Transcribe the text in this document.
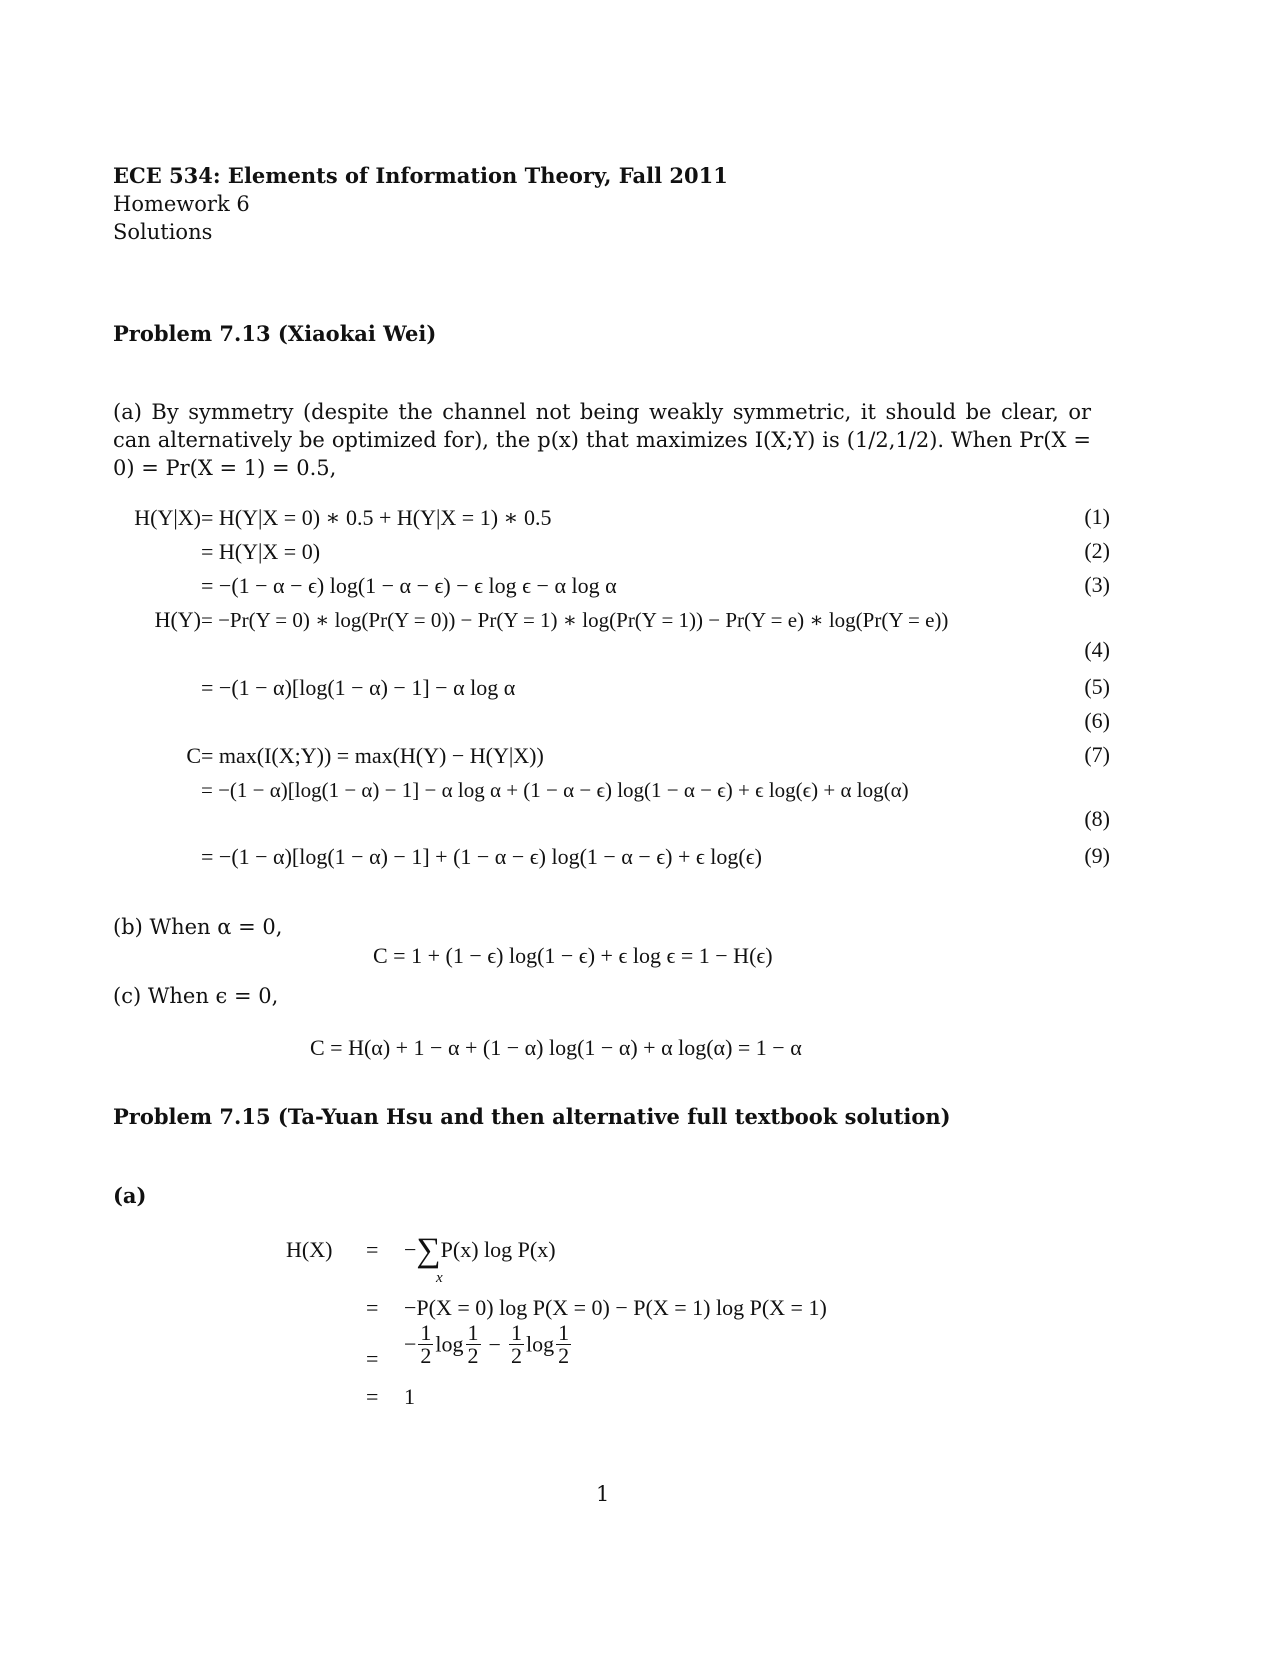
ECE 534: Elements of Information Theory, Fall 2011
Homework 6
Solutions
Problem 7.13 (Xiaokai Wei)
(a) By symmetry (despite the channel not being weakly symmetric, it should be clear, or can alternatively be optimized for), the p(x) that maximizes I(X;Y) is (1/2,1/2). When Pr(X = 0) = Pr(X = 1) = 0.5,
H(Y|X) = H(Y|X = 0) ∗ 0.5 + H(Y|X = 1) ∗ 0.5	(1)
= H(Y|X = 0)	(2)
= −(1 − α − ϵ) log(1 − α − ϵ) − ϵ log ϵ − α log α	(3)
H(Y) = −Pr(Y = 0) ∗ log(Pr(Y = 0)) − Pr(Y = 1) ∗ log(Pr(Y = 1)) − Pr(Y = e) ∗ log(Pr(Y = e))
(4)
= −(1 − α)[log(1 − α) − 1] − α log α	(5)
(6)
C = max(I(X;Y)) = max(H(Y) − H(Y|X))	(7)
= −(1 − α)[log(1 − α) − 1] − α log α + (1 − α − ϵ) log(1 − α − ϵ) + ϵ log(ϵ) + α log(α)
(8)
= −(1 − α)[log(1 − α) − 1] + (1 − α − ϵ) log(1 − α − ϵ) + ϵ log(ϵ)	(9)
(b) When α = 0,
C = 1 + (1 − ϵ) log(1 − ϵ) + ϵ log ϵ = 1 − H(ϵ)
(c) When ϵ = 0,
C = H(α) + 1 − α + (1 − α) log(1 − α) + α log(α) = 1 − α
Problem 7.15 (Ta-Yuan Hsu and then alternative full textbook solution)
(a)
H(X) = −∑P(x) log P(x)
x
= −P(X = 0) log P(X = 0) − P(X = 1) log P(X = 1)
=
− $\frac{1}{2}$ $\log \frac{1}{2} - \frac{1}{2}$ $\log \frac{1}{2}$
= 1
1
